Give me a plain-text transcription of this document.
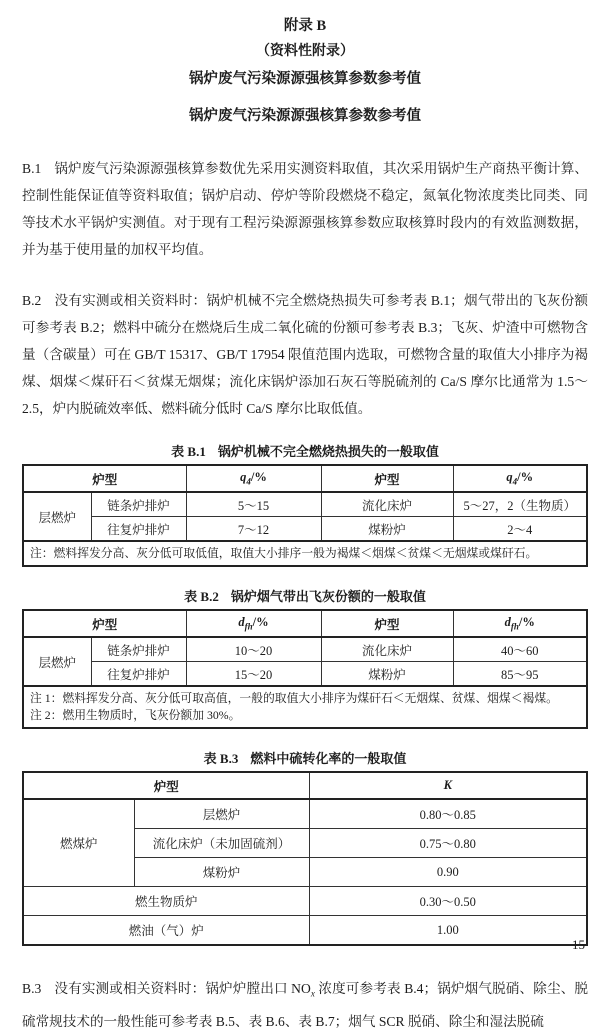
附录 B
（资料性附录）
锅炉废气污染源源强核算参数参考值
锅炉废气污染源源强核算参数参考值

B.1 锅炉废气污染源源强核算参数优先采用实测资料取值，其次采用锅炉生产商热平衡计算、控制性能保证值等资料取值；锅炉启动、停炉等阶段燃烧不稳定，氮氧化物浓度类比同类、同等技术水平锅炉实测值。对于现有工程污染源源强核算参数应取核算时段内的有效监测数据，并为基于使用量的加权平均值。

B.2 没有实测或相关资料时：锅炉机械不完全燃烧热损失可参考表 B.1；烟气带出的飞灰份额可参考表 B.2；燃料中硫分在燃烧后生成二氧化硫的份额可参考表 B.3；飞灰、炉渣中可燃物含量（含碳量）可在 GB/T 15317、GB/T 17954 限值范围内选取，可燃物含量的取值大小排序为褐煤、烟煤＜煤矸石＜贫煤无烟煤；流化床锅炉添加石灰石等脱硫剂的 Ca/S 摩尔比通常为 1.5～2.5，炉内脱硫效率低、燃料硫分低时 Ca/S 摩尔比取低值。

表 B.1 锅炉机械不完全燃烧热损失的一般取值
炉型		$q_4/\%$	炉型	$q_4/\%$
层燃炉	链条炉排炉	5～15	流化床炉	5～27，2（生物质）
	往复炉排炉	7～12	煤粉炉	2～4
注：燃料挥发分高、灰分低可取低值，取值大小排序一般为褐煤＜烟煤＜贫煤＜无烟煤或煤矸石。				
表 B.2 锅炉烟气带出飞灰份额的一般取值
炉型		$d_{fh}/\%$	炉型	$d_{fh}/\%$
层燃炉	链条炉排炉	10～20	流化床炉	40～60
	往复炉排炉	15～20	煤粉炉	85～95

注 1：燃料挥发分高、灰分低可取高值，一般的取值大小排序为煤矸石＜无烟煤、贫煤、烟煤＜褐煤。
注 2：燃用生物质时，飞灰份额加 30%。				
表 B.3 燃料中硫转化率的一般取值
炉型		K
燃煤炉	层燃炉	0.80～0.85
	流化床炉（未加固硫剂）	0.75～0.80
	煤粉炉	0.90
燃生物质炉		0.30～0.50
燃油（气）炉		1.00

B.3 没有实测或相关资料时：锅炉炉膛出口 $NO_x$ 浓度可参考表 B.4；锅炉烟气脱硝、除尘、脱硫常规技术的一般性能可参考表 B.5、表 B.6、表 B.7；烟气 SCR 脱硝、除尘和湿法脱硫

15
